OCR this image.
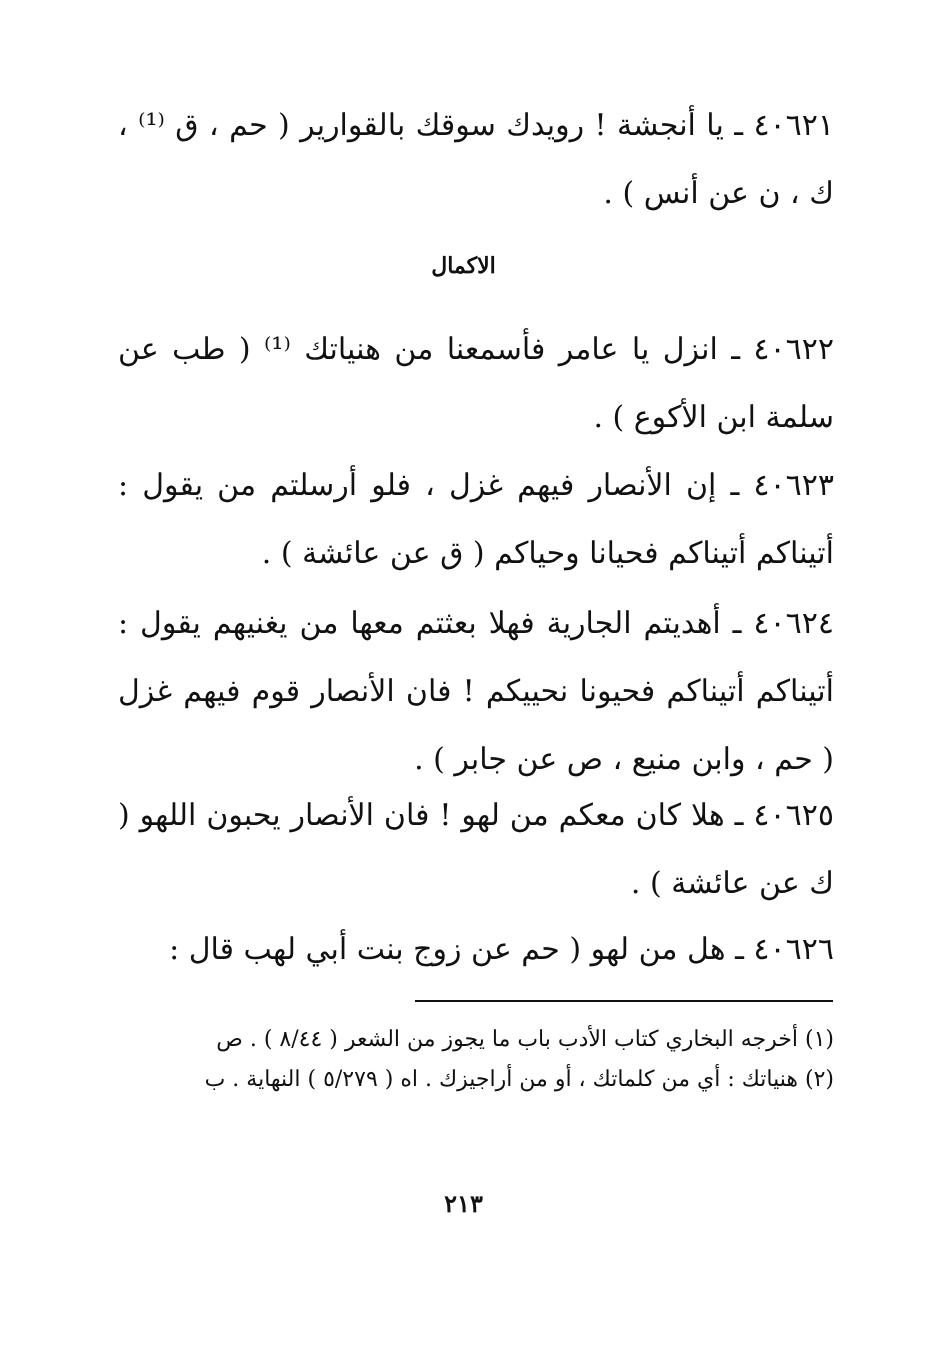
٤٠٦٢١ ـ يا أنجشة ! رويدك سوقك بالقوارير ( حم ، ق ⁽¹⁾ ، ك ، ن عن أنس ) .

الاكمال

٤٠٦٢٢ ـ انزل يا عامر فأسمعنا من هنياتك ⁽¹⁾ ( طب عن سلمة ابن الأكوع ) .

٤٠٦٢٣ ـ إن الأنصار فيهم غزل ، فلو أرسلتم من يقول : أتيناكم أتيناكم فحيانا وحياكم ( ق عن عائشة ) .

٤٠٦٢٤ ـ أهديتم الجارية فهلا بعثتم معها من يغنيهم يقول : أتيناكم أتيناكم فحيونا نحييكم ! فان الأنصار قوم فيهم غزل ( حم ، وابن منيع ، ص عن جابر ) .

٤٠٦٢٥ ـ هلا كان معكم من لهو ! فان الأنصار يحبون اللهو ( ك عن عائشة ) .

٤٠٦٢٦ ـ هل من لهو ( حم عن زوج بنت أبي لهب قال :

(١) أخرجه البخاري كتاب الأدب باب ما يجوز من الشعر ( ٨/٤٤ ) . ص

(٢) هنياتك : أي من كلماتك ، أو من أراجيزك . اه ( ٥/٢٧٩ ) النهاية . ب

٢١٣
